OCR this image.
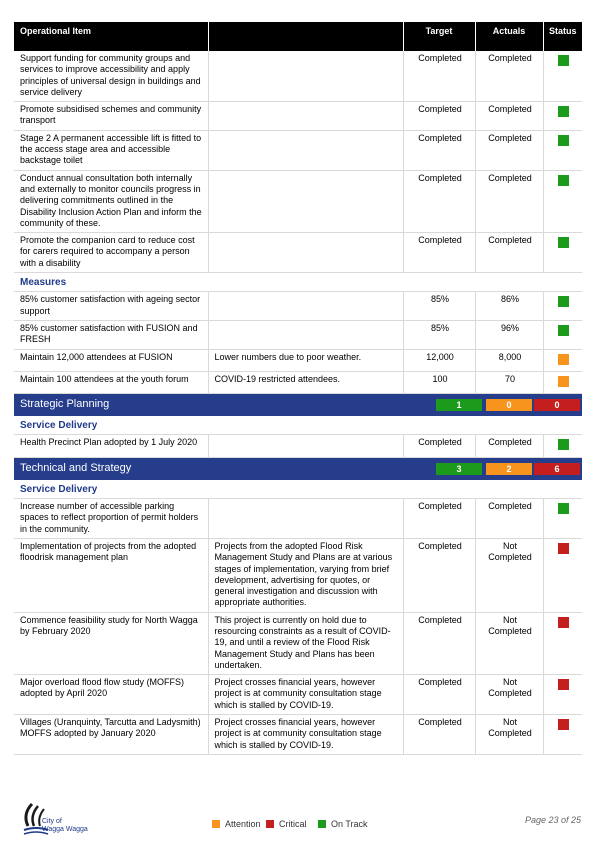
Operational Item		Target	Actuals	Status
Support funding for community groups and services to improve accessibility and apply principles of universal design in buildings and service delivery		Completed	Completed	
Promote subsidised schemes and community transport		Completed	Completed	
Stage 2 A permanent accessible lift is fitted to the access stage area and accessible backstage toilet		Completed	Completed	
Conduct annual consultation both internally and externally to monitor councils progress in delivering commitments outlined in the Disability Inclusion Action Plan and inform the community of these.		Completed	Completed	
Promote the companion card to reduce cost for carers required to accompany a person with a disability		Completed	Completed	
Measures				
85% customer satisfaction with ageing sector support		85%	86%	
85% customer satisfaction with FUSION and FRESH		85%	96%	
Maintain 12,000 attendees at FUSION	Lower numbers due to poor weather.	12,000	8,000	
Maintain 100 attendees at the youth forum	COVID-19 restricted attendees.	100	70	

Strategic Planning 1 0 0				

Service Delivery				
Health Precinct Plan adopted by 1 July 2020		Completed	Completed	

Technical and Strategy 3 2 6				

Service Delivery				
Increase number of accessible parking spaces to reflect proportion of permit holders in the community.		Completed	Completed	
Implementation of projects from the adopted floodrisk management plan	Projects from the adopted Flood Risk Management Study and Plans are at various stages of implementation, varying from brief development, advertising for quotes, or general investigation and discussion with appropriate authorities.	Completed	Not Completed	
Commence feasibility study for North Wagga by February 2020	This project is currently on hold due to resourcing constraints as a result of COVID-19, and until a review of the Flood Risk Management Study and Plans has been undertaken.	Completed	Not Completed	
Major overload flood flow study (MOFFS) adopted by April 2020	Project crosses financial years, however project is at community consultation stage which is stalled by COVID-19.	Completed	Not Completed	
Villages (Uranquinty, Tarcutta and Ladysmith) MOFFS adopted by January 2020	Project crosses financial years, however project is at community consultation stage which is stalled by COVID-19.	Completed	Not Completed	
City of
Wagga Wagga
Attention	Critical	On Track	Page 23 of 25
